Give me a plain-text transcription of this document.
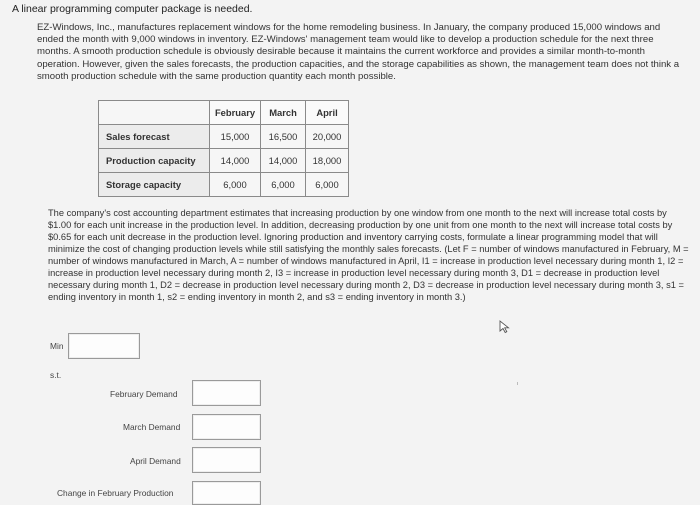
A linear programming computer package is needed.

EZ-Windows, Inc., manufactures replacement windows for the home remodeling business. In January, the company produced 15,000 windows and ended the month with 9,000 windows in inventory. EZ-Windows' management team would like to develop a production schedule for the next three months. A smooth production schedule is obviously desirable because it maintains the current workforce and provides a similar month-to-month operation. However, given the sales forecasts, the production capacities, and the storage capabilities as shown, the management team does not think a smooth production schedule with the same production quantity each month possible.

	February	March	April
Sales forecast	15,000	16,500	20,000
Production capacity	14,000	14,000	18,000
Storage capacity	6,000	6,000	6,000

The company's cost accounting department estimates that increasing production by one window from one month to the next will increase total costs by $1.00 for each unit increase in the production level. In addition, decreasing production by one unit from one month to the next will increase total costs by $0.65 for each unit decrease in the production level. Ignoring production and inventory carrying costs, formulate a linear programming model that will minimize the cost of changing production levels while still satisfying the monthly sales forecasts. (Let F = number of windows manufactured in February, M = number of windows manufactured in March, A = number of windows manufactured in April, I1 = increase in production level necessary during month 1, I2 = increase in production level necessary during month 2, I3 = increase in production level necessary during month 3, D1 = decrease in production level necessary during month 1, D2 = decrease in production level necessary during month 2, D3 = decrease in production level necessary during month 3, s1 = ending inventory in month 1, s2 = ending inventory in month 2, and s3 = ending inventory in month 3.)

Min
s.t.
February Demand
March Demand
April Demand
Change in February Production
